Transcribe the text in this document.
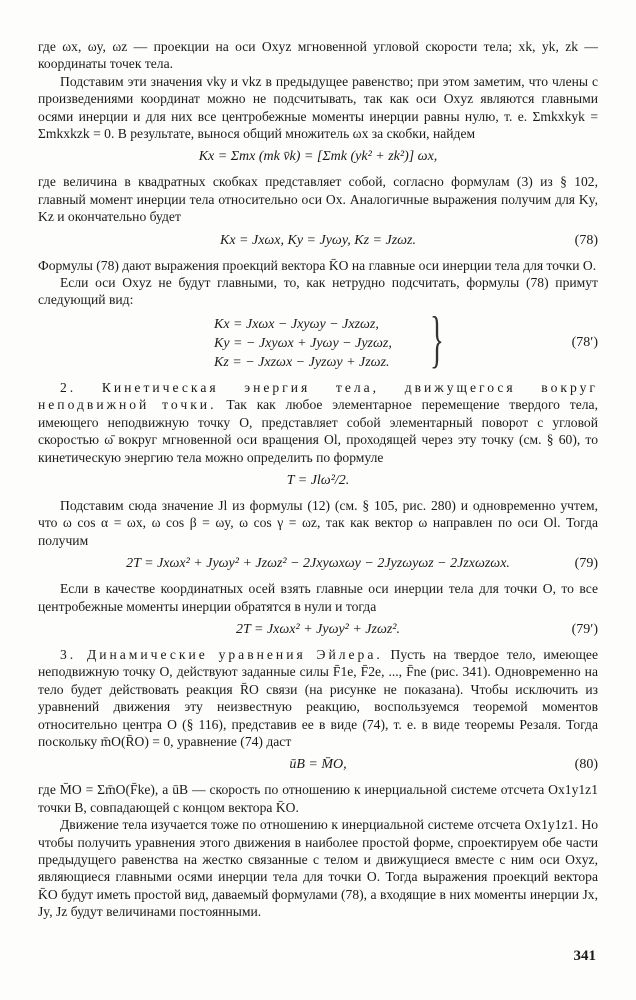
где ωx, ωy, ωz — проекции на оси Oxyz мгновенной угловой скорости тела; xk, yk, zk — координаты точек тела.

Подставим эти значения vky и vkz в предыдущее равенство; при этом заметим, что члены с произведениями координат можно не подсчитывать, так как оси Oxyz являются главными осями инерции и для них все центробежные моменты инерции равны нулю, т. е. Σmkxkyk = Σmkxkzk = 0. В результате, вынося общий множитель ωx за скобки, найдем

Kx = Σmx (mk v̄k) = [Σmk (yk² + zk²)] ωx,

где величина в квадратных скобках представляет собой, согласно формулам (3) из § 102, главный момент инерции тела относительно оси Ox. Аналогичные выражения получим для Ky, Kz и окончательно будет

Kx = Jxωx, Ky = Jyωy, Kz = Jzωz.	(78)

Формулы (78) дают выражения проекций вектора K̄O на главные оси инерции тела для точки O.

Если оси Oxyz не будут главными, то, как нетрудно подсчитать, формулы (78) примут следующий вид:

Kx = Jxωx − Jxyωy − Jxzωz,
Ky = − Jxyωx + Jyωy − Jyzωz,
Kz = − Jxzωx − Jyzωy + Jzωz. }	(78′)

2. Кинетическая энергия тела, движущегося вокруг неподвижной точки. Так как любое элементарное перемещение твердого тела, имеющего неподвижную точку O, представляет собой элементарный поворот с угловой скоростью ω̄ вокруг мгновенной оси вращения Ol, проходящей через эту точку (см. § 60), то кинетическую энергию тела можно определить по формуле

T = Jlω²/2.

Подставим сюда значение Jl из формулы (12) (см. § 105, рис. 280) и одновременно учтем, что ω cos α = ωx, ω cos β = ωy, ω cos γ = ωz, так как вектор ω направлен по оси Ol. Тогда получим

2T = Jxωx² + Jyωy² + Jzωz² − 2Jxyωxωy − 2Jyzωyωz − 2Jzxωzωx.	(79)

Если в качестве координатных осей взять главные оси инерции тела для точки O, то все центробежные моменты инерции обратятся в нули и тогда

2T = Jxωx² + Jyωy² + Jzωz².	(79′)

3. Динамические уравнения Эйлера. Пусть на твердое тело, имеющее неподвижную точку O, действуют заданные силы F̄1e, F̄2e, ..., F̄ne (рис. 341). Одновременно на тело будет действовать реакция R̄O связи (на рисунке не показана). Чтобы исключить из уравнений движения эту неизвестную реакцию, воспользуемся теоремой моментов относительно центра O (§ 116), представив ее в виде (74), т. е. в виде теоремы Резаля. Тогда поскольку m̄O(R̄O) = 0, уравнение (74) даст

ūB = M̄O,	(80)

где M̄O = Σm̄O(F̄ke), а ūB — скорость по отношению к инерциальной системе отсчета Ox1y1z1 точки B, совпадающей с концом вектора K̄O.

Движение тела изучается тоже по отношению к инерциальной системе отсчета Ox1y1z1. Но чтобы получить уравнения этого движения в наиболее простой форме, спроектируем обе части предыдущего равенства на жестко связанные с телом и движущиеся вместе с ним оси Oxyz, являющиеся главными осями инерции тела для точки O. Тогда выражения проекций вектора K̄O будут иметь простой вид, даваемый формулами (78), а входящие в них моменты инерции Jx, Jy, Jz будут величинами постоянными.

341
